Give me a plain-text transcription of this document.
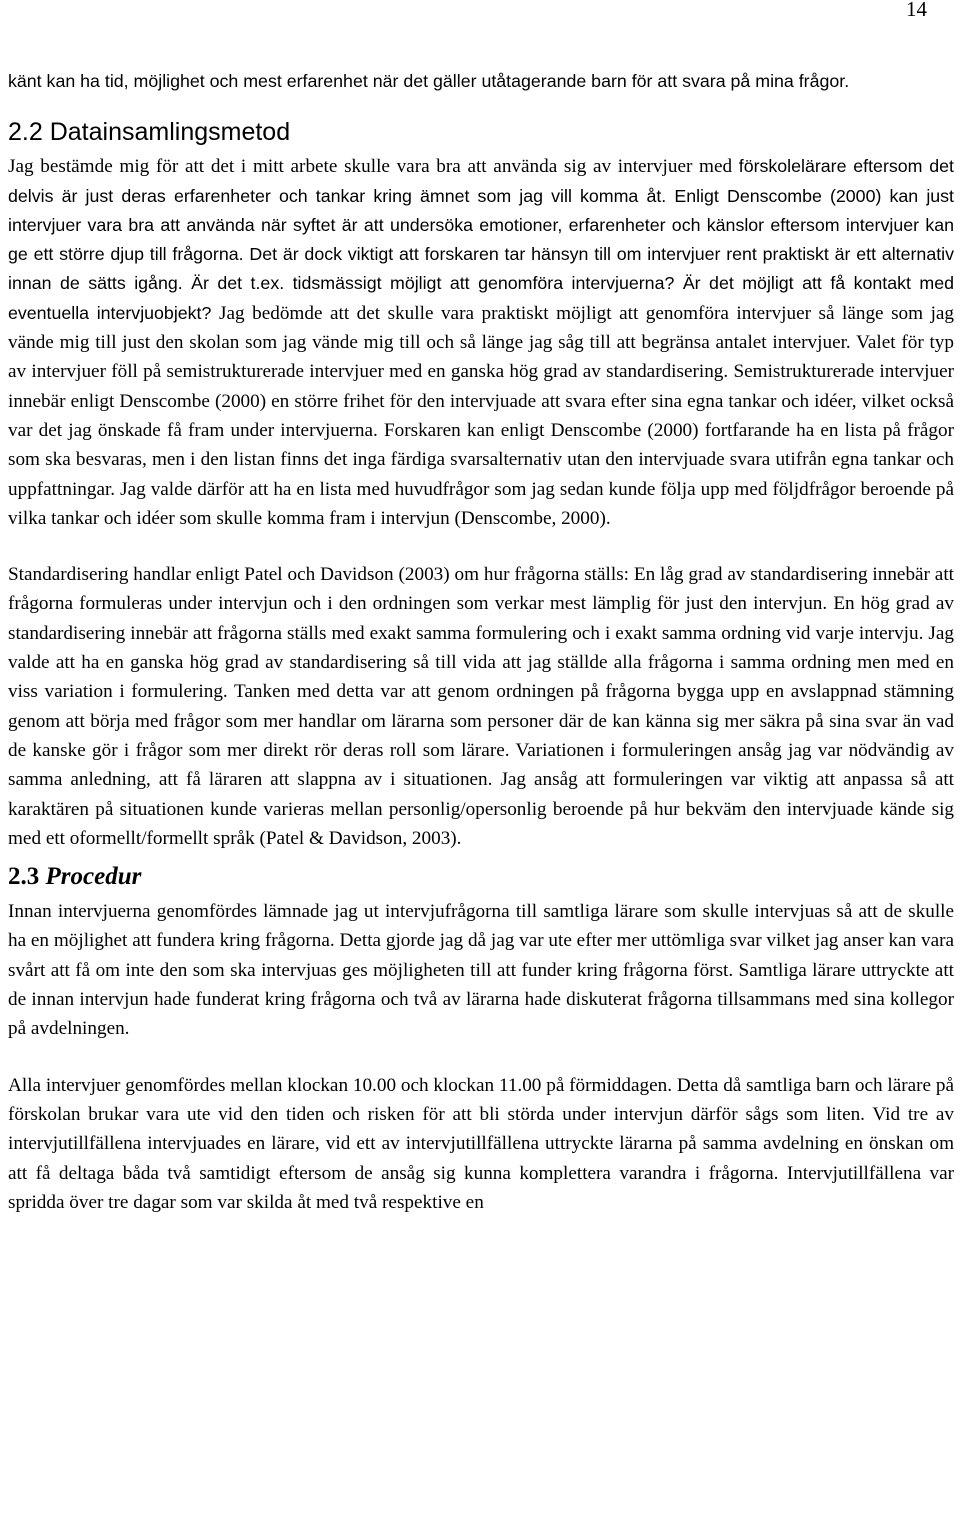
14

känt kan ha tid, möjlighet och mest erfarenhet när det gäller utåtagerande barn för att svara på mina frågor.

2.2 Datainsamlingsmetod

Jag bestämde mig för att det i mitt arbete skulle vara bra att använda sig av intervjuer med förskolelärare eftersom det delvis är just deras erfarenheter och tankar kring ämnet som jag vill komma åt. Enligt Denscombe (2000) kan just intervjuer vara bra att använda när syftet är att undersöka emotioner, erfarenheter och känslor eftersom intervjuer kan ge ett större djup till frågorna. Det är dock viktigt att forskaren tar hänsyn till om intervjuer rent praktiskt är ett alternativ innan de sätts igång. Är det t.ex. tidsmässigt möjligt att genomföra intervjuerna? Är det möjligt att få kontakt med eventuella intervjuobjekt? Jag bedömde att det skulle vara praktiskt möjligt att genomföra intervjuer så länge som jag vände mig till just den skolan som jag vände mig till och så länge jag såg till att begränsa antalet intervjuer. Valet för typ av intervjuer föll på semistrukturerade intervjuer med en ganska hög grad av standardisering. Semistrukturerade intervjuer innebär enligt Denscombe (2000) en större frihet för den intervjuade att svara efter sina egna tankar och idéer, vilket också var det jag önskade få fram under intervjuerna. Forskaren kan enligt Denscombe (2000) fortfarande ha en lista på frågor som ska besvaras, men i den listan finns det inga färdiga svarsalternativ utan den intervjuade svara utifrån egna tankar och uppfattningar. Jag valde därför att ha en lista med huvudfrågor som jag sedan kunde följa upp med följdfrågor beroende på vilka tankar och idéer som skulle komma fram i intervjun (Denscombe, 2000).

Standardisering handlar enligt Patel och Davidson (2003) om hur frågorna ställs: En låg grad av standardisering innebär att frågorna formuleras under intervjun och i den ordningen som verkar mest lämplig för just den intervjun. En hög grad av standardisering innebär att frågorna ställs med exakt samma formulering och i exakt samma ordning vid varje intervju. Jag valde att ha en ganska hög grad av standardisering så till vida att jag ställde alla frågorna i samma ordning men med en viss variation i formulering. Tanken med detta var att genom ordningen på frågorna bygga upp en avslappnad stämning genom att börja med frågor som mer handlar om lärarna som personer där de kan känna sig mer säkra på sina svar än vad de kanske gör i frågor som mer direkt rör deras roll som lärare. Variationen i formuleringen ansåg jag var nödvändig av samma anledning, att få läraren att slappna av i situationen. Jag ansåg att formuleringen var viktig att anpassa så att karaktären på situationen kunde varieras mellan personlig/opersonlig beroende på hur bekväm den intervjuade kände sig med ett oformellt/formellt språk (Patel & Davidson, 2003).

2.3 Procedur

Innan intervjuerna genomfördes lämnade jag ut intervjufrågorna till samtliga lärare som skulle intervjuas så att de skulle ha en möjlighet att fundera kring frågorna. Detta gjorde jag då jag var ute efter mer uttömliga svar vilket jag anser kan vara svårt att få om inte den som ska intervjuas ges möjligheten till att funder kring frågorna först. Samtliga lärare uttryckte att de innan intervjun hade funderat kring frågorna och två av lärarna hade diskuterat frågorna tillsammans med sina kollegor på avdelningen.

Alla intervjuer genomfördes mellan klockan 10.00 och klockan 11.00 på förmiddagen. Detta då samtliga barn och lärare på förskolan brukar vara ute vid den tiden och risken för att bli störda under intervjun därför sågs som liten. Vid tre av intervjutillfällena intervjuades en lärare, vid ett av intervjutillfällena uttryckte lärarna på samma avdelning en önskan om att få deltaga båda två samtidigt eftersom de ansåg sig kunna komplettera varandra i frågorna. Intervjutillfällena var spridda över tre dagar som var skilda åt med två respektive en
